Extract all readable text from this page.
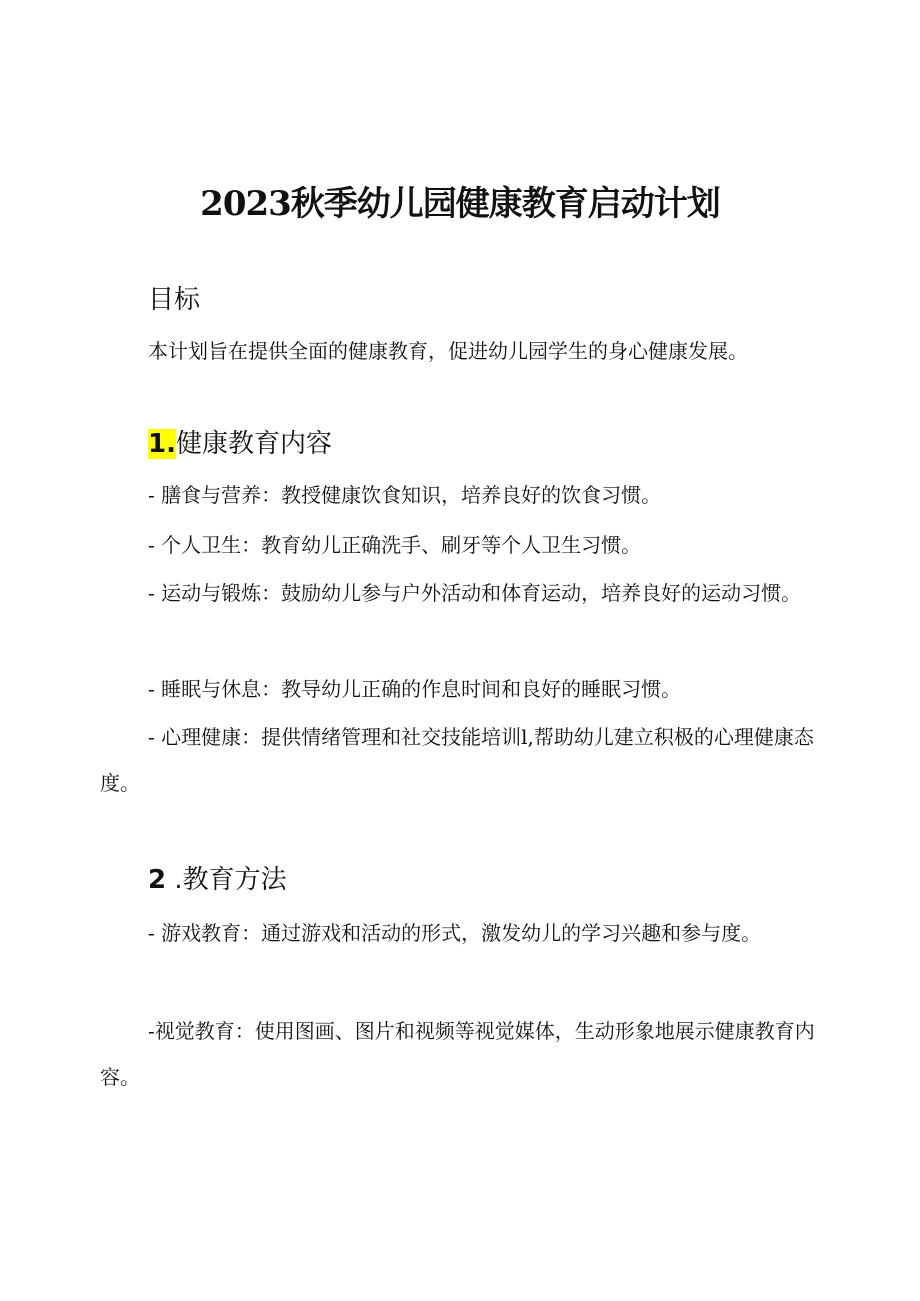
2023秋季幼儿园健康教育启动计划
目标
本计划旨在提供全面的健康教育，促进幼儿园学生的身心健康发展。
1.健康教育内容
- 膳食与营养：教授健康饮食知识，培养良好的饮食习惯。
- 个人卫生：教育幼儿正确洗手、刷牙等个人卫生习惯。
- 运动与锻炼：鼓励幼儿参与户外活动和体育运动，培养良好的运动习惯。
- 睡眠与休息：教导幼儿正确的作息时间和良好的睡眠习惯。
- 心理健康：提供情绪管理和社交技能培训l,帮助幼儿建立积极的心理健康态度。
2 .教育方法
- 游戏教育：通过游戏和活动的形式，激发幼儿的学习兴趣和参与度。
-视觉教育：使用图画、图片和视频等视觉媒体，生动形象地展示健康教育内容。
